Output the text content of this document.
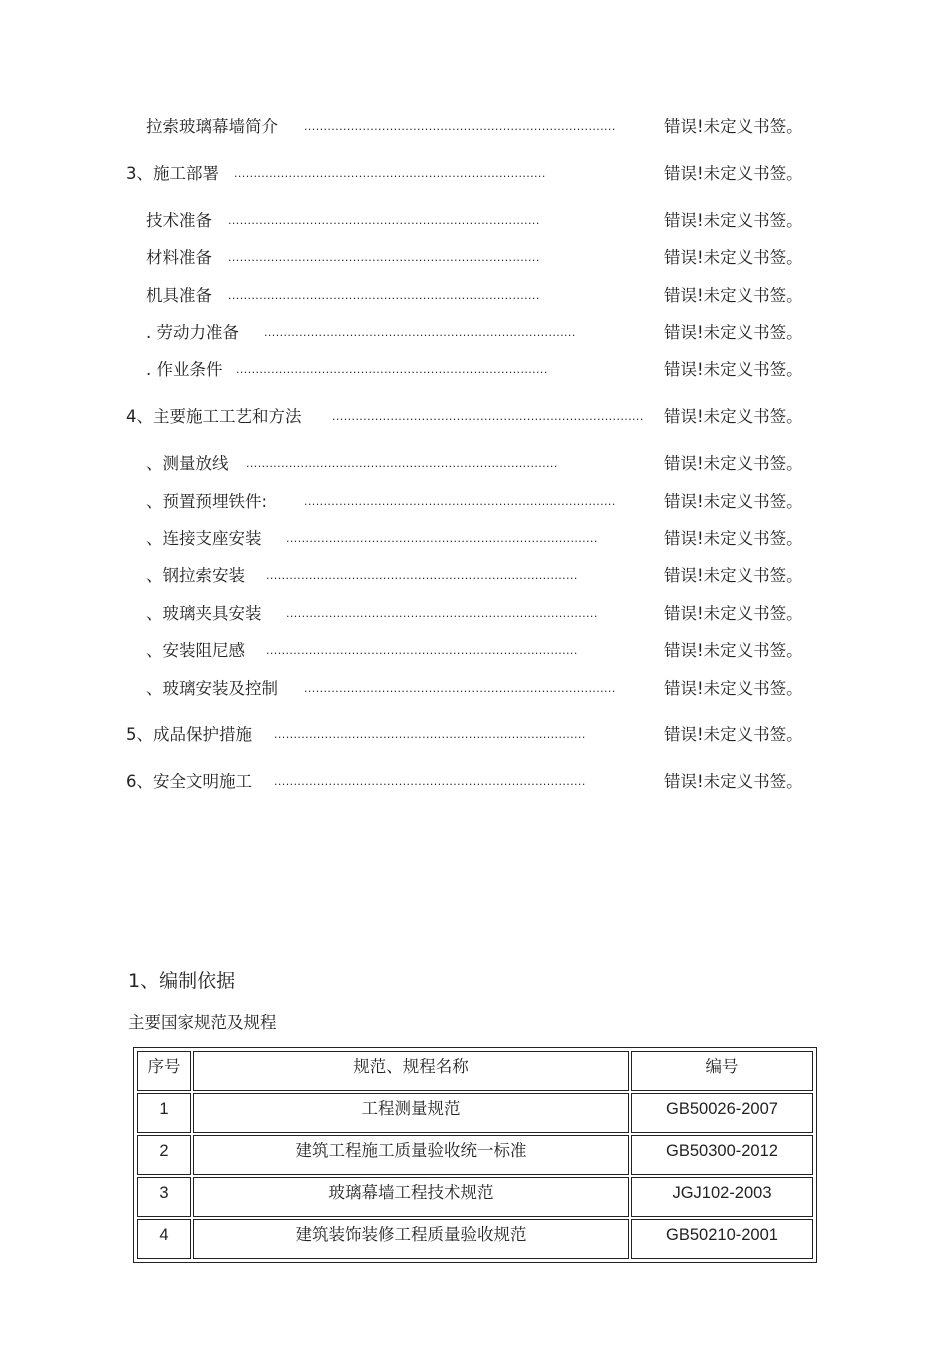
拉索玻璃幕墙简介 ................................................................................	错误!未定义书签。
3、施工部署 ................................................................................	错误!未定义书签。
技术准备 ................................................................................	错误!未定义书签。
材料准备 ................................................................................	错误!未定义书签。
机具准备 ................................................................................	错误!未定义书签。
. 劳动力准备 ................................................................................	错误!未定义书签。
. 作业条件 ................................................................................	错误!未定义书签。
4、主要施工工艺和方法	................................................................................ 错误!未定义书签。
、测量放线 ................................................................................	错误!未定义书签。
、预置预埋铁件:	................................................................................	错误!未定义书签。
、连接支座安装 ................................................................................	错误!未定义书签。
、钢拉索安装 ................................................................................	错误!未定义书签。
、玻璃夹具安装 ................................................................................	错误!未定义书签。
、安装阻尼感 ................................................................................	错误!未定义书签。
、玻璃安装及控制 ................................................................................	错误!未定义书签。
5、成品保护措施 ................................................................................	错误!未定义书签。
6、安全文明施工 ................................................................................	错误!未定义书签。
1、编制依据
主要国家规范及规程
序号	规范、规程名称	编号
1	工程测量规范	GB50026-2007
2	建筑工程施工质量验收统一标准	GB50300-2012
3	玻璃幕墙工程技术规范	JGJ102-2003
4	建筑装饰装修工程质量验收规范	GB50210-2001
